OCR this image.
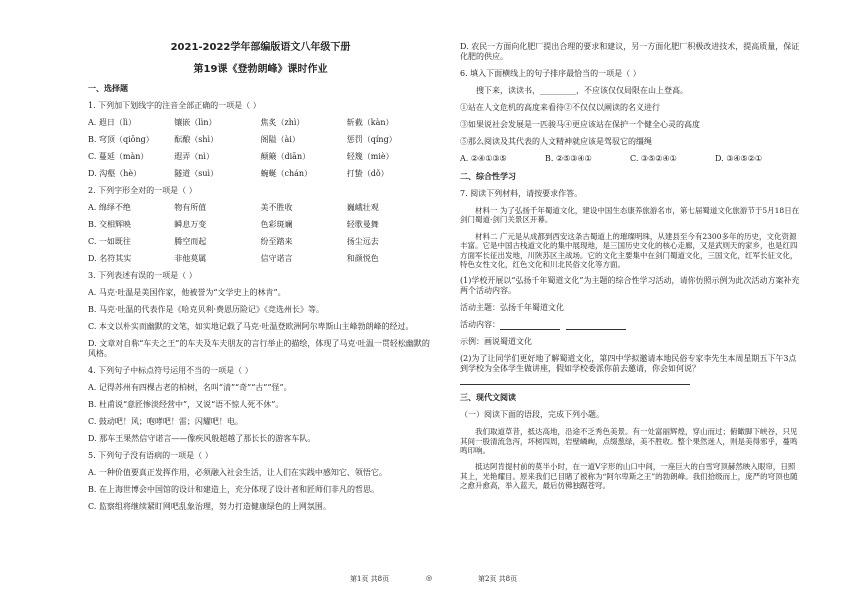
2021-2022学年部编版语文八年级下册
第19课《登勃朗峰》课时作业
一、选择题
1. 下列加下划线字的注音全部正确的一项是（ ）
A. 遐日（lì）	镶嵌（lìn）	焦炙（zhì）	斩截（kàn）
B. 穹顶（qiōng）	酝酿（shì）	阁隘（ài）	惩罚（qíng）
C. 蔓延（màn）	遐弄（nì）	颠簸（diān）	轻篾（miè）
D. 沟壑（hè）	隧道（suì）	蜿蜒（chán）	打蛰（dǒ）
2. 下列字形全对的一项是（ ）
A. 绵绎不绝	物有所值	美不胜收	巍峨壮观
B. 交相辉映	瞬息万变	色彩斑斓	轻歌曼舞
C. 一如既往	腾空而起	纷至踏来	扬尘远去
D. 名符其实	非他莫属	信守诺言	和颜悦色
3. 下列表述有误的一项是（ ）
A. 马克·吐温是美国作家，他被誉为“文学史上的林肯”。
B. 马克·吐温的代表作是《哈克贝利·费恩历险记》《竞选州长》等。
C. 本文以朴实而幽默的文笔，如实地记载了马克·吐温登欧洲阿尔卑斯山主峰勃朗峰的经过。
D. 文章对自称“车夫之王”的车夫及车夫朋友的言行举止的描绘，体现了马克·吐温一贯轻松幽默的风格。
4. 下列句子中标点符号运用不当的一项是（ ）
A. 记得苏州有四棵古老的柏树，名叫“清”“奇”“古”“怪”。
B. 杜甫说“意匠惨淡经营中”，又说“语不惊人死不休”。
C. 鼓动吧！风；咆哮吧！雷；闪耀吧！电。
D. 那车王果然信守诺言——像疾风般超越了那长长的游客车队。
5. 下列句子没有语病的一项是（ ）
A. 一种价值要真正发挥作用，必须融入社会生活，让人们在实践中感知它、领悟它。
B. 在上海世博会中国馆的设计和建造上，充分体现了设计者和匠师们非凡的哲思。
C. 监察组将继续紧盯网吧乱象治理，努力打造健康绿色的上网氛围。
D. 农民一方面向化肥厂提出合理的要求和建议，另一方面化肥厂积极改进技术，提高质量，保证化肥的供应。
6. 填入下面横线上的句子排序最恰当的一项是（ ）
搜下来，读读书，_________，不应该仅仅局限在山上登高。
①站在人文危机的高度来看待②不仅仅以阐读的名义进行
③如果说社会发展是一匹骏马④更应该站在保护一个健全心灵的高度
⑤那么阅读及其代表的人文精神就应该是驾驭它的缰绳
A. ②④①③⑤	B. ②⑤③④①	C. ③⑤②④①	D. ③④⑤②①
二、综合性学习
7. 阅读下列材料，请按要求作答。
材料一 为了弘扬千年蜀道文化，建设中国生态康养旅游名市，第七届蜀道文化旅游节于5月18日在剑门蜀道·剑门关景区开幕。
材料二 广元是从成都到西安这条古蜀道上的璀璨明珠，从建县至今有2300多年的历史，文化资源丰富。它是中国古栈道文化的集中展现地，是三国历史文化的核心走廊，又是武则天的家乡，也是红四方面军长征出发地，川陕苏区主战场。它的文化主要集中在剑门蜀道文化，三国文化，红军长征文化，特色女性文化，红色文化和川北民俗文化等方面。
(1)学校开展以“弘扬千年蜀道文化”为主题的综合性学习活动，请你仿照示例为此次活动方案补充两个活动内容。
活动主题：弘扬千年蜀道文化
活动内容：
示例：画说蜀道文化
(2)为了让同学们更好地了解蜀道文化，第四中学拟邀请本地民俗专家李先生本周星期五下午3点到学校为全体学生做讲座，假如学校委派你前去邀请，你会如何说？
三、现代文阅读
（一）阅读下面的语段，完成下列小题。
我们取道草昔，抵达高地，沿途不乏秀色美景。有一处富丽辉煌，穿山而过；俯瞰脚下峡谷，只见其间一股清流急泻，坏树四周，岩壁嶙峋，点缀葱绿，美不胜收。整个果然迷人，则是美得邪乎，蔓鸣鸣印响。
抵达阿肯提村前的莫半小时，在一道V字形的山口中间，一座巨大的白雪穹顶赫然映入眼帘，日照其上，光艳耀目。原来我们已目睹了被称为“阿尔卑斯之王”的勃朗峰。我们拾级而上，庞严的穹顶也随之愈升愈高，举入蓝天，最后仿佛独踞苍穹。
第1页 共8页	◎	第2页 共8页
